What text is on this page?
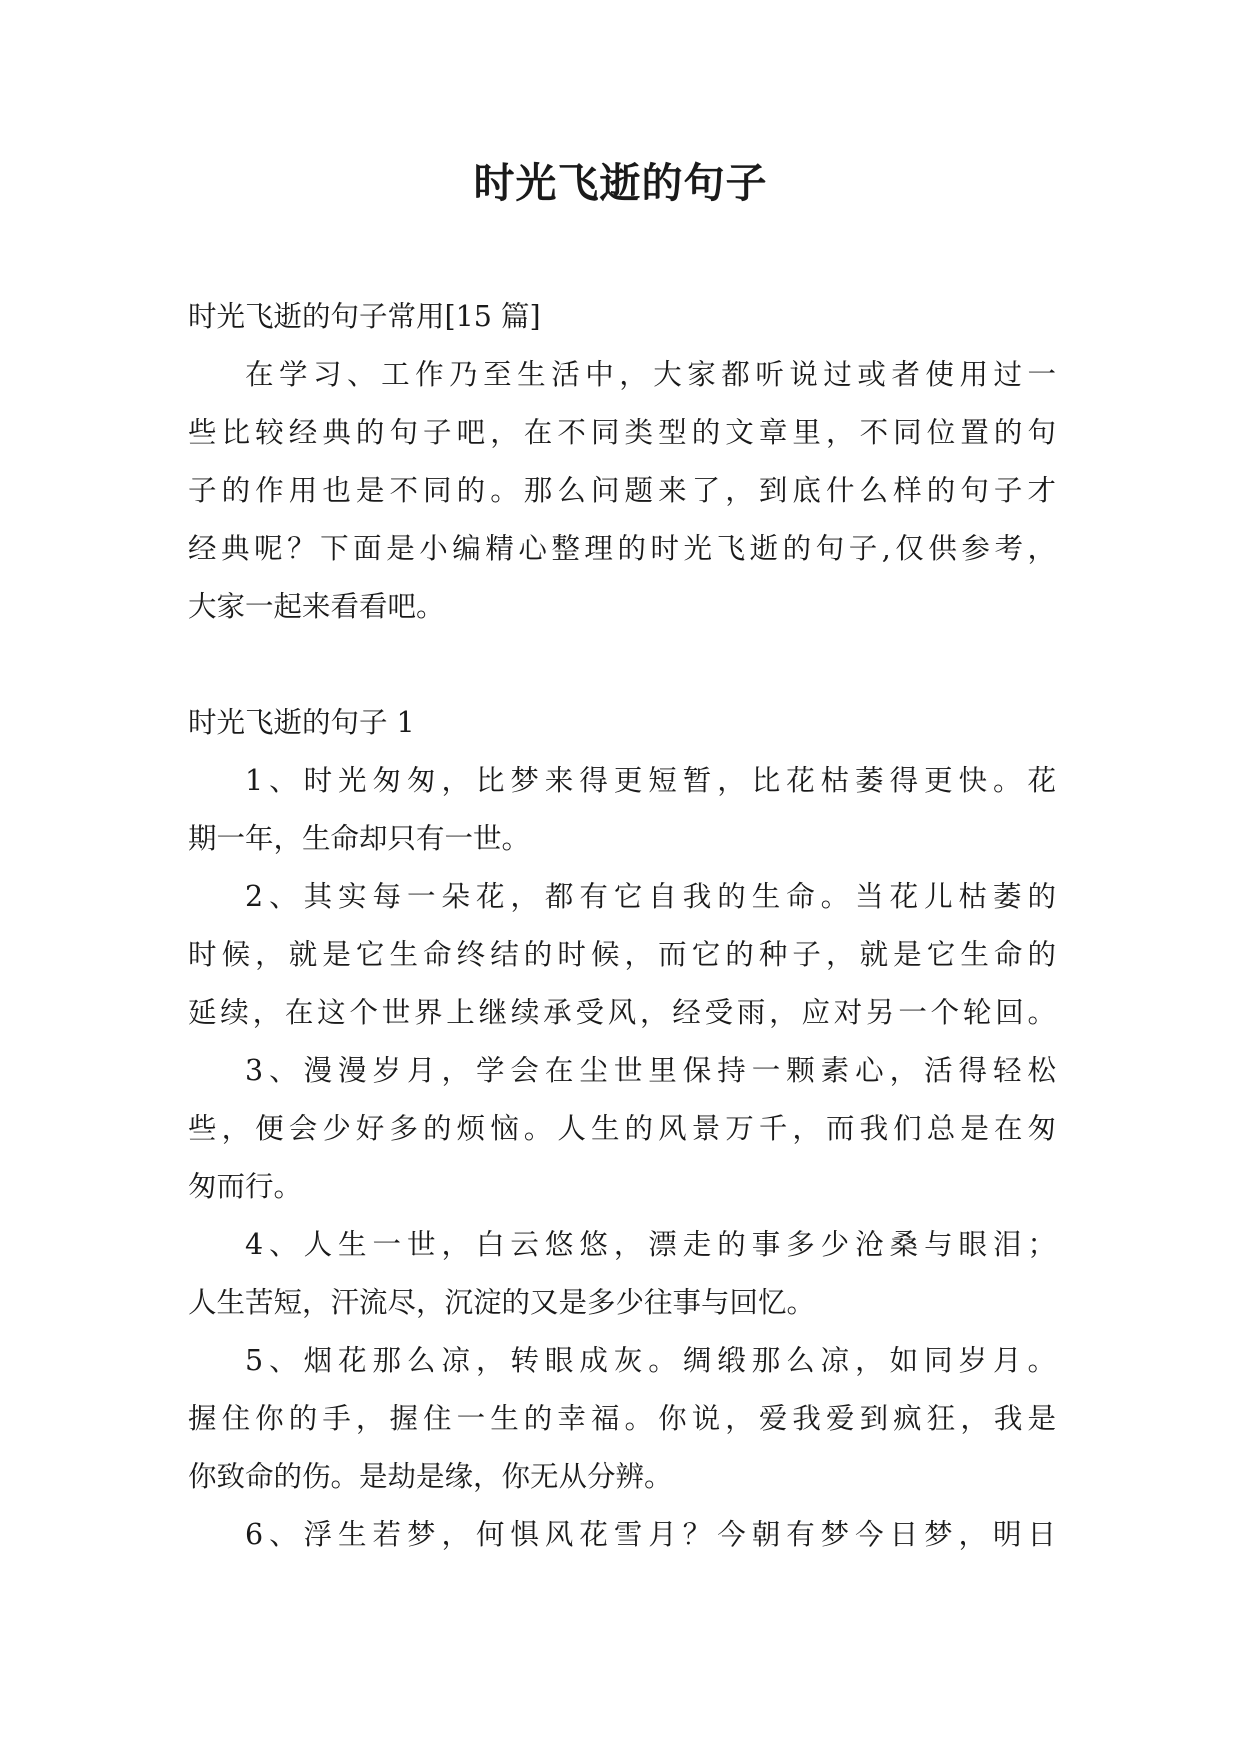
时光飞逝的句子
时光飞逝的句子常用[15 篇]
在学习、工作乃至生活中，大家都听说过或者使用过一
些比较经典的句子吧，在不同类型的文章里，不同位置的句
子的作用也是不同的。那么问题来了，到底什么样的句子才
经典呢？下面是小编精心整理的时光飞逝的句子,仅供参考，
大家一起来看看吧。
时光飞逝的句子 1
1、时光匆匆，比梦来得更短暂，比花枯萎得更快。花
期一年，生命却只有一世。
2、其实每一朵花，都有它自我的生命。当花儿枯萎的
时候，就是它生命终结的时候，而它的种子，就是它生命的
延续，在这个世界上继续承受风，经受雨，应对另一个轮回。
3、漫漫岁月，学会在尘世里保持一颗素心，活得轻松
些，便会少好多的烦恼。人生的风景万千，而我们总是在匆
匆而行。
4、人生一世，白云悠悠，漂走的事多少沧桑与眼泪；
人生苦短，汗流尽，沉淀的又是多少往事与回忆。
5、烟花那么凉，转眼成灰。绸缎那么凉，如同岁月。
握住你的手，握住一生的幸福。你说，爱我爱到疯狂，我是
你致命的伤。是劫是缘，你无从分辨。
6、浮生若梦，何惧风花雪月？今朝有梦今日梦，明日
